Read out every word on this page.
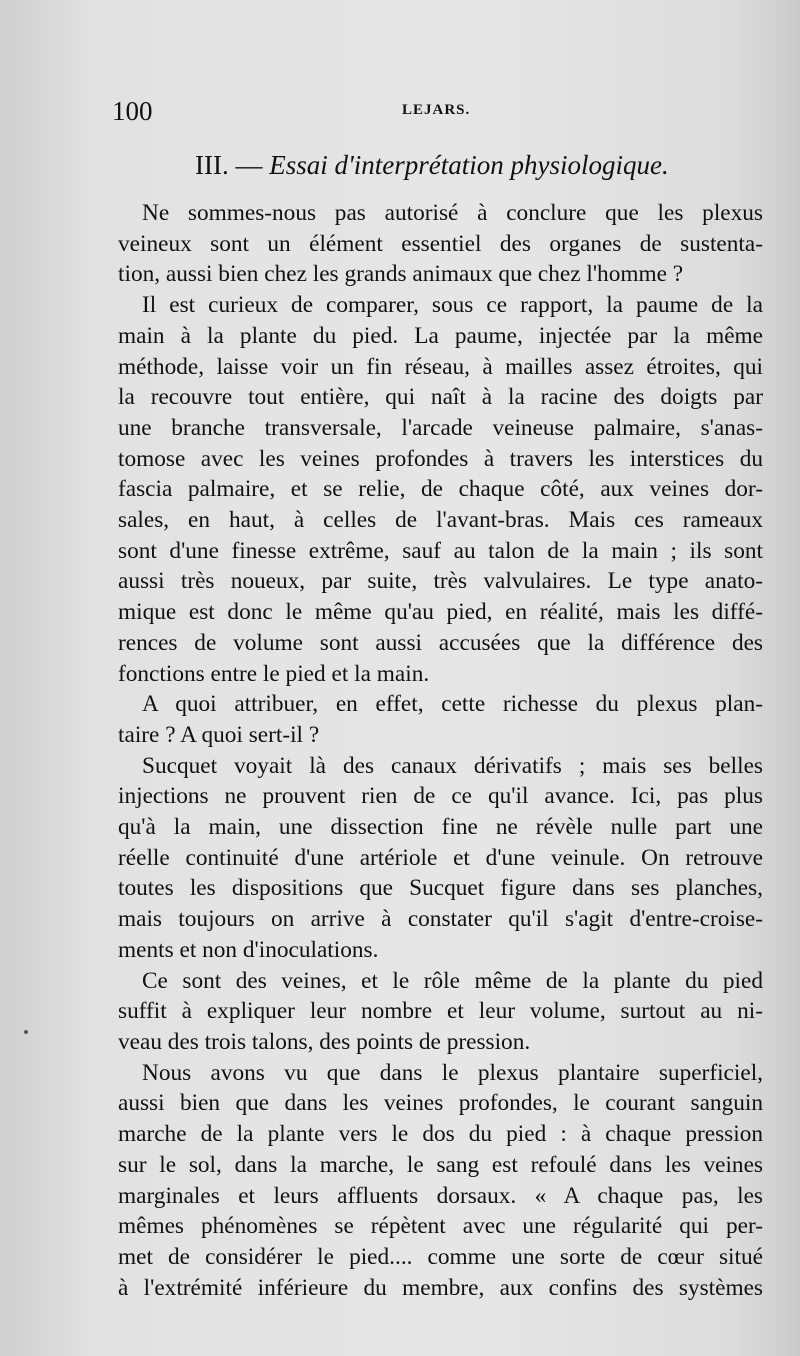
100	LEJARS.
III. — Essai d'interprétation physiologique.

Ne sommes-nous pas autorisé à conclure que les plexus
veineux sont un élément essentiel des organes de sustenta-
tion, aussi bien chez les grands animaux que chez l'homme ?

Il est curieux de comparer, sous ce rapport, la paume de la
main à la plante du pied. La paume, injectée par la même
méthode, laisse voir un fin réseau, à mailles assez étroites, qui
la recouvre tout entière, qui naît à la racine des doigts par
une branche transversale, l'arcade veineuse palmaire, s'anas-
tomose avec les veines profondes à travers les interstices du
fascia palmaire, et se relie, de chaque côté, aux veines dor-
sales, en haut, à celles de l'avant-bras. Mais ces rameaux
sont d'une finesse extrême, sauf au talon de la main ; ils sont
aussi très noueux, par suite, très valvulaires. Le type anato-
mique est donc le même qu'au pied, en réalité, mais les diffé-
rences de volume sont aussi accusées que la différence des
fonctions entre le pied et la main.

A quoi attribuer, en effet, cette richesse du plexus plan-
taire ? A quoi sert-il ?

Sucquet voyait là des canaux dérivatifs ; mais ses belles
injections ne prouvent rien de ce qu'il avance. Ici, pas plus
qu'à la main, une dissection fine ne révèle nulle part une
réelle continuité d'une artériole et d'une veinule. On retrouve
toutes les dispositions que Sucquet figure dans ses planches,
mais toujours on arrive à constater qu'il s'agit d'entre-croise-
ments et non d'inoculations.

Ce sont des veines, et le rôle même de la plante du pied
suffit à expliquer leur nombre et leur volume, surtout au ni-
veau des trois talons, des points de pression.

Nous avons vu que dans le plexus plantaire superficiel,
aussi bien que dans les veines profondes, le courant sanguin
marche de la plante vers le dos du pied : à chaque pression
sur le sol, dans la marche, le sang est refoulé dans les veines
marginales et leurs affluents dorsaux. « A chaque pas, les
mêmes phénomènes se répètent avec une régularité qui per-
met de considérer le pied.... comme une sorte de cœur situé
à l'extrémité inférieure du membre, aux confins des systèmes
